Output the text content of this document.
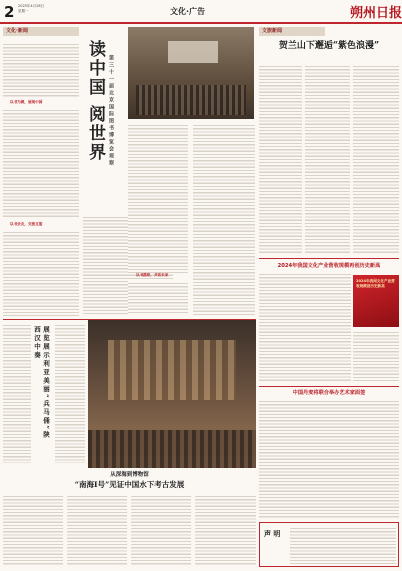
2 2025年4月28日
星期一	文化·广告	朔州日报
文化·新闻

以书为媒，展现中国
以书会友，交流互鉴
读中国 阅世界 第三十一届北京国际图书博览会观察
以书搭桥，共话未来
文旅新闻
贺兰山下邂逅“紫色浪漫”
2024年我国文化产业营收规模再创历史新高
2024年我国文化产业营收规模创历史新高
中国丹麦将联合举办艺术家面签
展览展示利亚美丽“兵马俑”陕西汉中奏
从深海到博物馆
“南海Ⅰ号”见证中国水下考古发展
声 明
